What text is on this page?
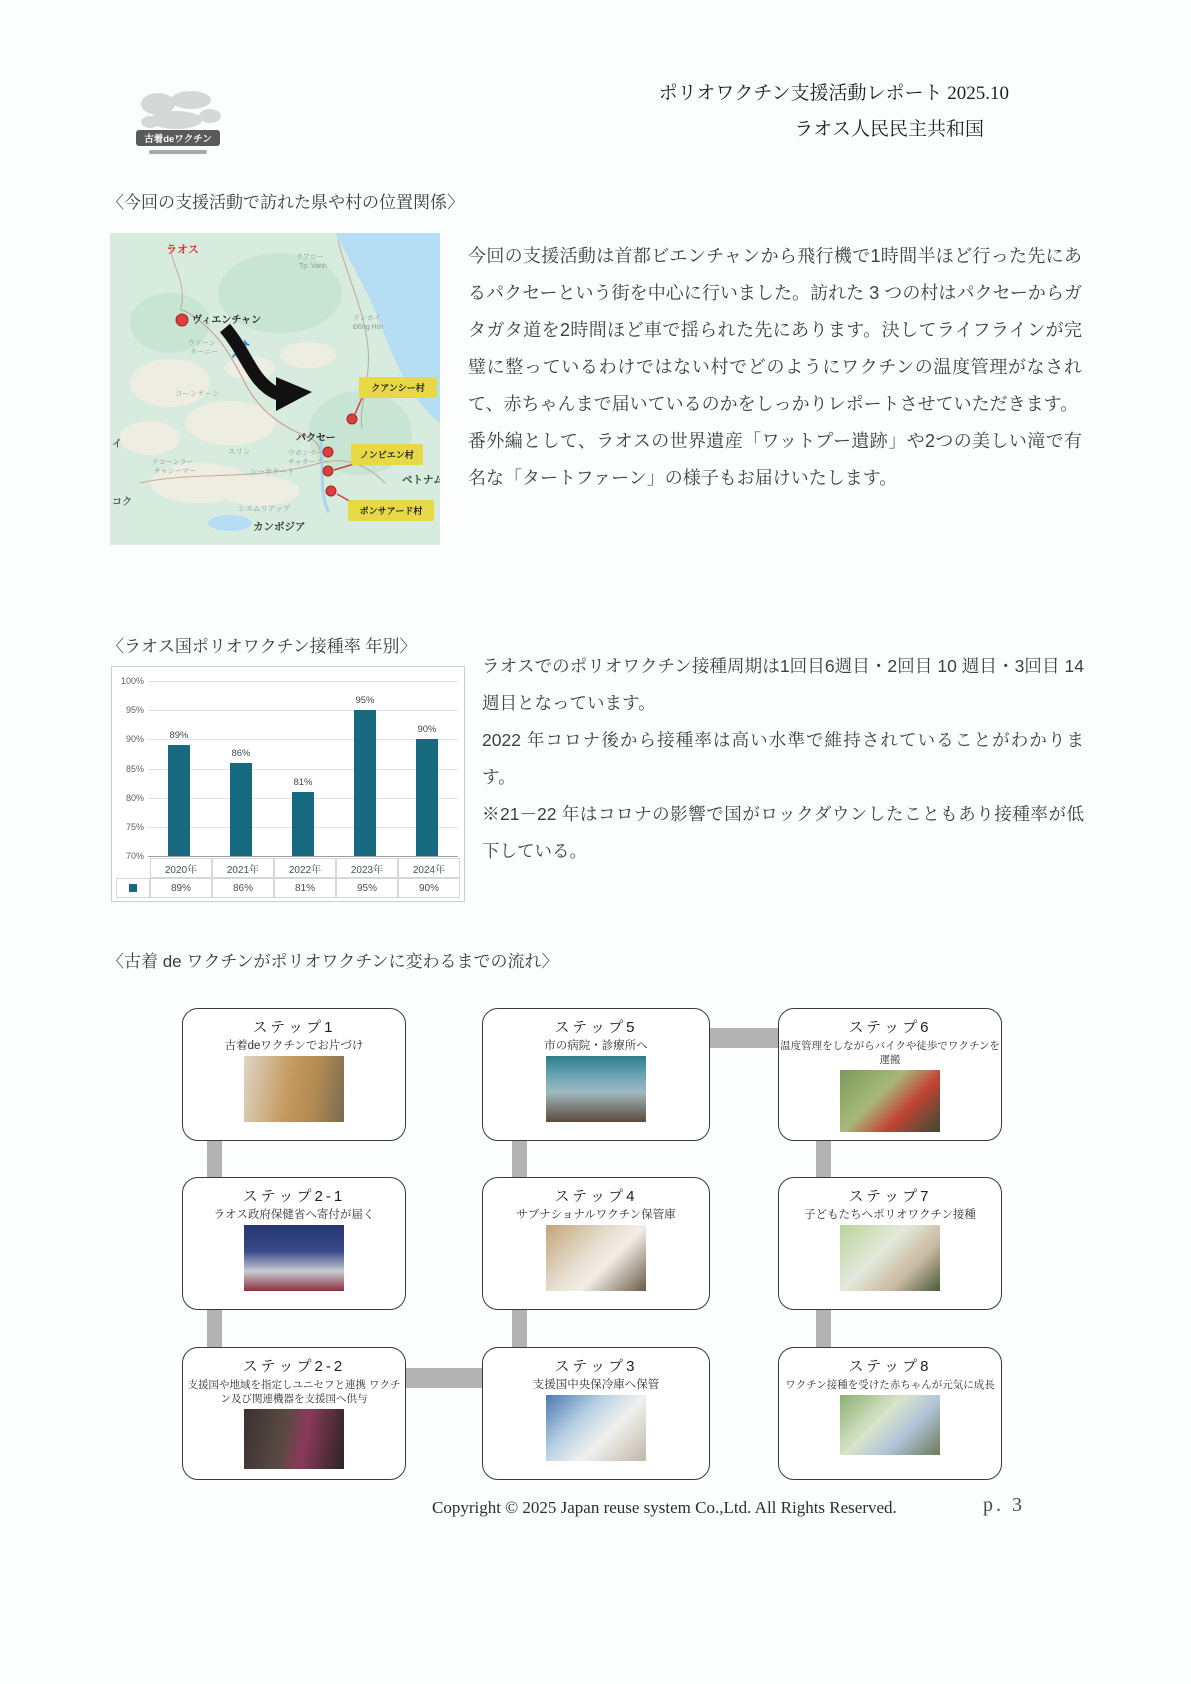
古着deワクチン
ポリオワクチン支援活動レポート 2025.10
ラオス人民民主共和国
〈今回の支援活動で訪れた県や村の位置関係〉
クアロー
Tp. Vanh
ドンホイ
Đồng Hới
ウドーン
ターニー
コーンケーン
スリン	ウボンラー
チャターニー
シーサケート
ナコーンラー
チャシーマー
シエムリアップ
イ
コク
ラオス
ヴィエンチャン
パクセー
ベトナム
カンボジア
クアンシー村
ノンビエン村
ポンサアード村
✈

今回の支援活動は首都ビエンチャンから飛行機で1時間半ほど行った先にあるパクセーという街を中心に行いました。訪れた 3 つの村はパクセーからガタガタ道を2時間ほど車で揺られた先にあります。決してライフラインが完璧に整っているわけではない村でどのようにワクチンの温度管理がなされて、赤ちゃんまで届いているのかをしっかりレポートさせていただきます。

番外編として、ラオスの世界遺産「ワットプー遺跡」や2つの美しい滝で有名な「タートファーン」の様子もお届けいたします。

〈ラオス国ポリオワクチン接種率 年別〉
100%
95%
90%
85%
80%
75%
70%
89%
86%
81%
95%
90%
2020年	2021年	2022年	2023年	2024年
89%	86%	81%	95%	90%

ラオスでのポリオワクチン接種周期は1回目6週目・2回目 10 週目・3回目 14 週目となっています。

2022 年コロナ後から接種率は高い水準で維持されていることがわかります。

※21－22 年はコロナの影響で国がロックダウンしたこともあり接種率が低下している。

〈古着 de ワクチンがポリオワクチンに変わるまでの流れ〉
ステップ1
古着deワクチンでお片づけ
ステップ5
市の病院・診療所へ
ステップ6
温度管理をしながらバイクや徒歩でワクチンを運搬
ステップ2-1
ラオス政府保健省へ寄付が届く
ステップ4
サブナショナルワクチン保管庫
ステップ7
子どもたちへポリオワクチン接種
ステップ2-2
支援国や地域を指定しユニセフと連携 ワクチン及び関連機器を支援国へ供与
ステップ3
支援国中央保冷庫へ保管
ステップ8
ワクチン接種を受けた赤ちゃんが元気に成長
Copyright © 2025 Japan reuse system Co.,Ltd. All Rights Reserved.	p. 3
